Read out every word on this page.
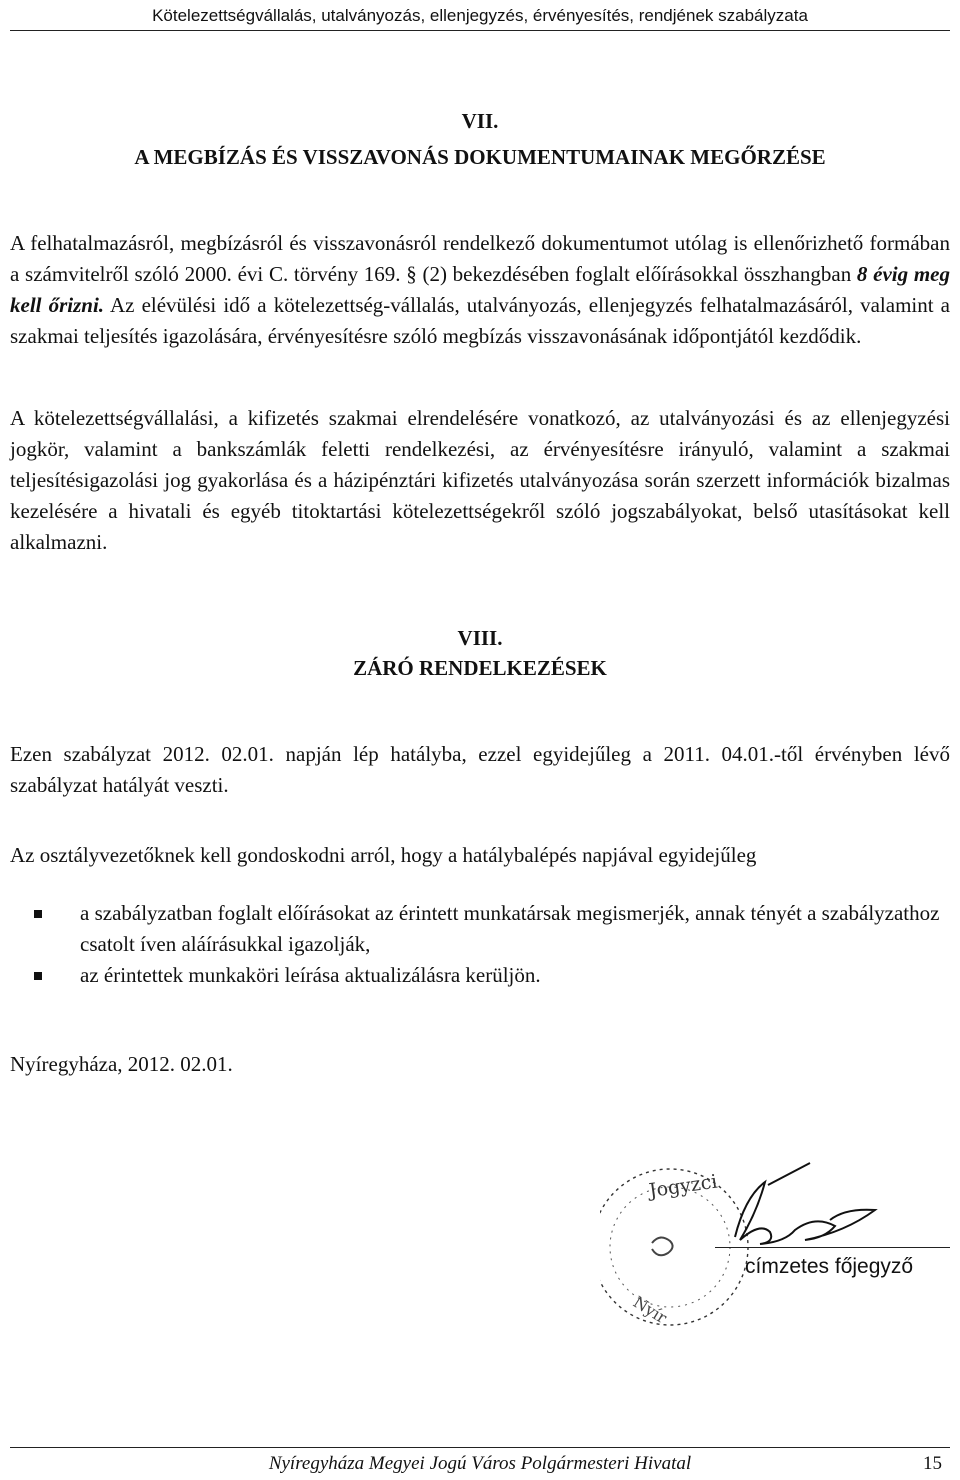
Kötelezettségvállalás, utalványozás, ellenjegyzés, érvényesítés, rendjének szabályzata
VII.
A MEGBÍZÁS ÉS VISSZAVONÁS DOKUMENTUMAINAK MEGŐRZÉSE

A felhatalmazásról, megbízásról és visszavonásról rendelkező dokumentumot utólag is ellenőrizhető formában a számvitelről szóló 2000. évi C. törvény 169. § (2) bekezdésében foglalt előírásokkal összhangban 8 évig meg kell őrizni. Az elévülési idő a kötelezettség-vállalás, utalványozás, ellenjegyzés felhatalmazásáról, valamint a szakmai teljesítés igazolására, érvényesítésre szóló megbízás visszavonásának időpontjától kezdődik.

A kötelezettségvállalási, a kifizetés szakmai elrendelésére vonatkozó, az utalványozási és az ellenjegyzési jogkör, valamint a bankszámlák feletti rendelkezési, az érvényesítésre irányuló, valamint a szakmai teljesítésigazolási jog gyakorlása és a házipénztári kifizetés utalványozása során szerzett információk bizalmas kezelésére a hivatali és egyéb titoktartási kötelezettségekről szóló jogszabályokat, belső utasításokat kell alkalmazni.

VIII.
ZÁRÓ RENDELKEZÉSEK

Ezen szabályzat 2012. 02.01. napján lép hatályba, ezzel egyidejűleg a 2011. 04.01.-től érvényben lévő szabályzat hatályát veszti.

Az osztályvezetőknek kell gondoskodni arról, hogy a hatálybalépés napjával egyidejűleg

a szabályzatban foglalt előírásokat az érintett munkatársak megismerjék, annak tényét a szabályzathoz csatolt íven aláírásukkal igazolják,
az érintettek munkaköri leírása aktualizálásra kerüljön.
Nyíregyháza, 2012. 02.01.
Jogyzci
Nyír
címzetes főjegyző
Nyíregyháza Megyei Jogú Város Polgármesteri Hivatal	15
